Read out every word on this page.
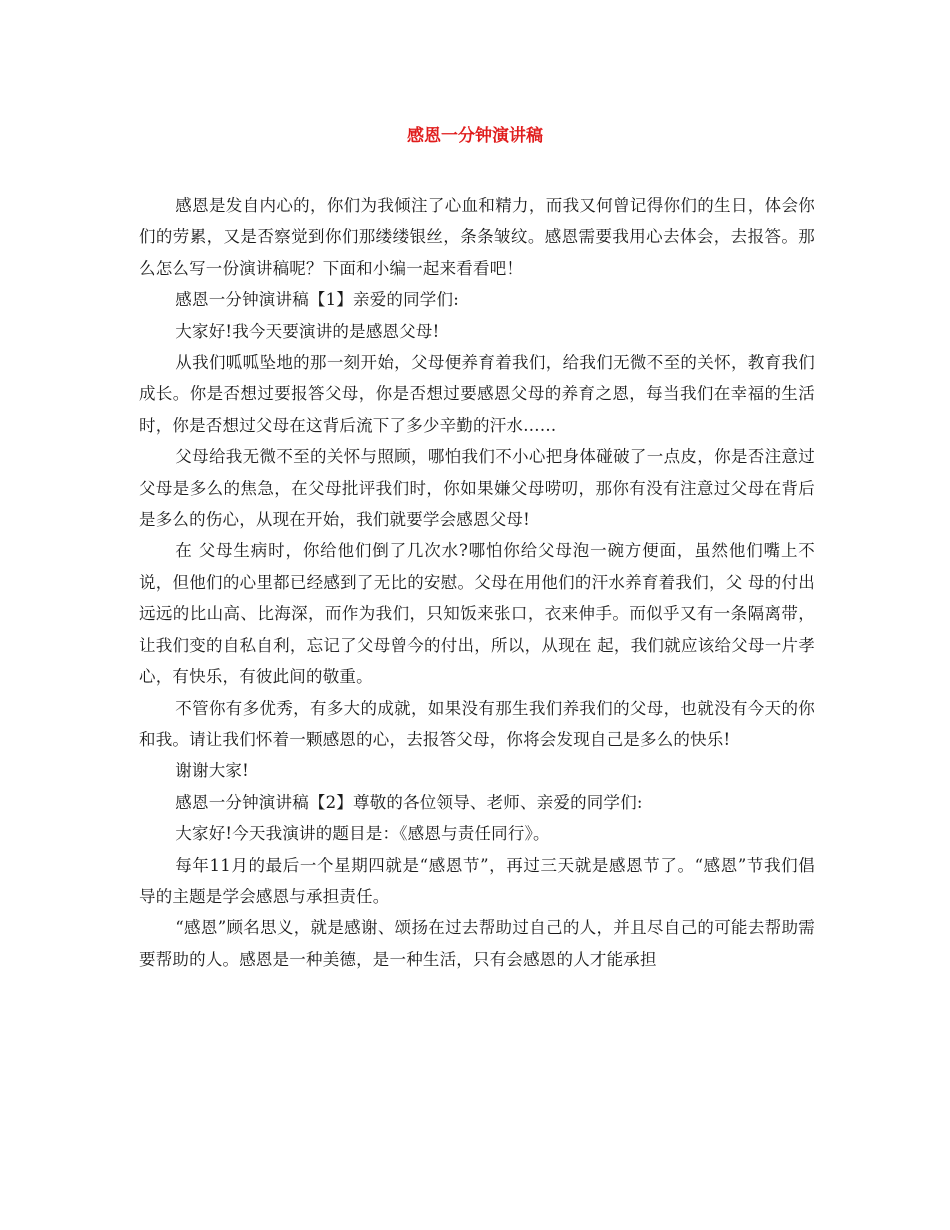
感恩一分钟演讲稿

感恩是发自内心的，你们为我倾注了心血和精力，而我又何曾记得你们的生日，体会你们的劳累，又是否察觉到你们那缕缕银丝，条条皱纹。感恩需要我用心去体会，去报答。那么怎么写一份演讲稿呢？下面和小编一起来看看吧！

感恩一分钟演讲稿【1】亲爱的同学们:

大家好!我今天要演讲的是感恩父母!

从我们呱呱坠地的那一刻开始，父母便养育着我们，给我们无微不至的关怀，教育我们成长。你是否想过要报答父母，你是否想过要感恩父母的养育之恩，每当我们在幸福的生活时，你是否想过父母在这背后流下了多少辛勤的汗水……

父母给我无微不至的关怀与照顾，哪怕我们不小心把身体碰破了一点皮，你是否注意过父母是多么的焦急，在父母批评我们时，你如果嫌父母唠叨，那你有没有注意过父母在背后是多么的伤心，从现在开始，我们就要学会感恩父母!

在 父母生病时，你给他们倒了几次水?哪怕你给父母泡一碗方便面，虽然他们嘴上不说，但他们的心里都已经感到了无比的安慰。父母在用他们的汗水养育着我们，父 母的付出远远的比山高、比海深，而作为我们，只知饭来张口，衣来伸手。而似乎又有一条隔离带，让我们变的自私自利，忘记了父母曾今的付出，所以，从现在 起，我们就应该给父母一片孝心，有快乐，有彼此间的敬重。

不管你有多优秀，有多大的成就，如果没有那生我们养我们的父母，也就没有今天的你和我。请让我们怀着一颗感恩的心，去报答父母，你将会发现自己是多么的快乐!

谢谢大家!

感恩一分钟演讲稿【2】尊敬的各位领导、老师、亲爱的同学们:

大家好!今天我演讲的题目是：《感恩与责任同行》。

每年11月的最后一个星期四就是“感恩节”，再过三天就是感恩节了。“感恩”节我们倡导的主题是学会感恩与承担责任。

“感恩”顾名思义，就是感谢、颂扬在过去帮助过自己的人，并且尽自己的可能去帮助需要帮助的人。感恩是一种美德，是一种生活，只有会感恩的人才能承担
